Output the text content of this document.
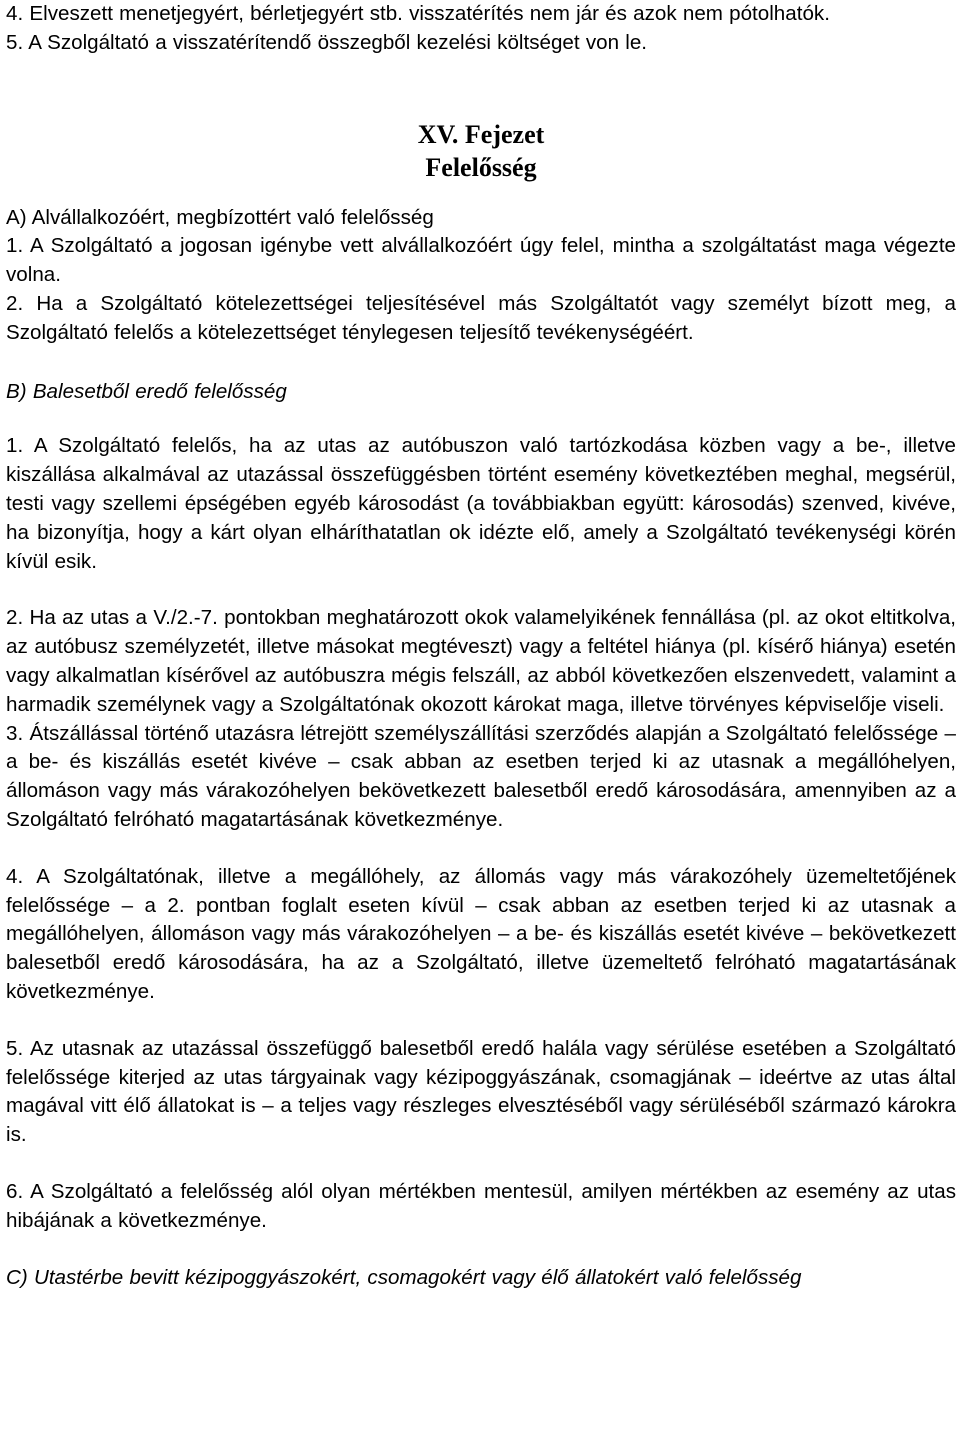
4. Elveszett menetjegyért, bérletjegyért stb. visszatérítés nem jár és azok nem pótolhatók.

5. A Szolgáltató a visszatérítendő összegből kezelési költséget von le.

XV. Fejezet

Felelősség

A) Alvállalkozóért, megbízottért való felelősség

1. A Szolgáltató a jogosan igénybe vett alvállalkozóért úgy felel, mintha a szolgáltatást maga végezte volna.

2. Ha a Szolgáltató kötelezettségei teljesítésével más Szolgáltatót vagy személyt bízott meg, a Szolgáltató felelős a kötelezettséget ténylegesen teljesítő tevékenységéért.

B) Balesetből eredő felelősség

1. A Szolgáltató felelős, ha az utas az autóbuszon való tartózkodása közben vagy a be-, illetve kiszállása alkalmával az utazással összefüggésben történt esemény következtében meghal, megsérül, testi vagy szellemi épségében egyéb károsodást (a továbbiakban együtt: károsodás) szenved, kivéve, ha bizonyítja, hogy a kárt olyan elháríthatatlan ok idézte elő, amely a Szolgáltató tevékenységi körén kívül esik.

2. Ha az utas a V./2.-7. pontokban meghatározott okok valamelyikének fennállása (pl. az okot eltitkolva, az autóbusz személyzetét, illetve másokat megtéveszt) vagy a feltétel hiánya (pl. kísérő hiánya) esetén vagy alkalmatlan kísérővel az autóbuszra mégis felszáll, az abból következően elszenvedett, valamint a harmadik személynek vagy a Szolgáltatónak okozott károkat maga, illetve törvényes képviselője viseli.

3. Átszállással történő utazásra létrejött személyszállítási szerződés alapján a Szolgáltató felelőssége – a be- és kiszállás esetét kivéve – csak abban az esetben terjed ki az utasnak a megállóhelyen, állomáson vagy más várakozóhelyen bekövetkezett balesetből eredő károsodására, amennyiben az a Szolgáltató felróható magatartásának következménye.

4. A Szolgáltatónak, illetve a megállóhely, az állomás vagy más várakozóhely üzemeltetőjének felelőssége – a 2. pontban foglalt eseten kívül – csak abban az esetben terjed ki az utasnak a megállóhelyen, állomáson vagy más várakozóhelyen – a be- és kiszállás esetét kivéve – bekövetkezett balesetből eredő károsodására, ha az a Szolgáltató, illetve üzemeltető felróható magatartásának következménye.

5. Az utasnak az utazással összefüggő balesetből eredő halála vagy sérülése esetében a Szolgáltató felelőssége kiterjed az utas tárgyainak vagy kézipoggyászának, csomagjának – ideértve az utas által magával vitt élő állatokat is – a teljes vagy részleges elvesztéséből vagy sérüléséből származó károkra is.

6. A Szolgáltató a felelősség alól olyan mértékben mentesül, amilyen mértékben az esemény az utas hibájának a következménye.

C) Utastérbe bevitt kézipoggyászokért, csomagokért vagy élő állatokért való felelősség
